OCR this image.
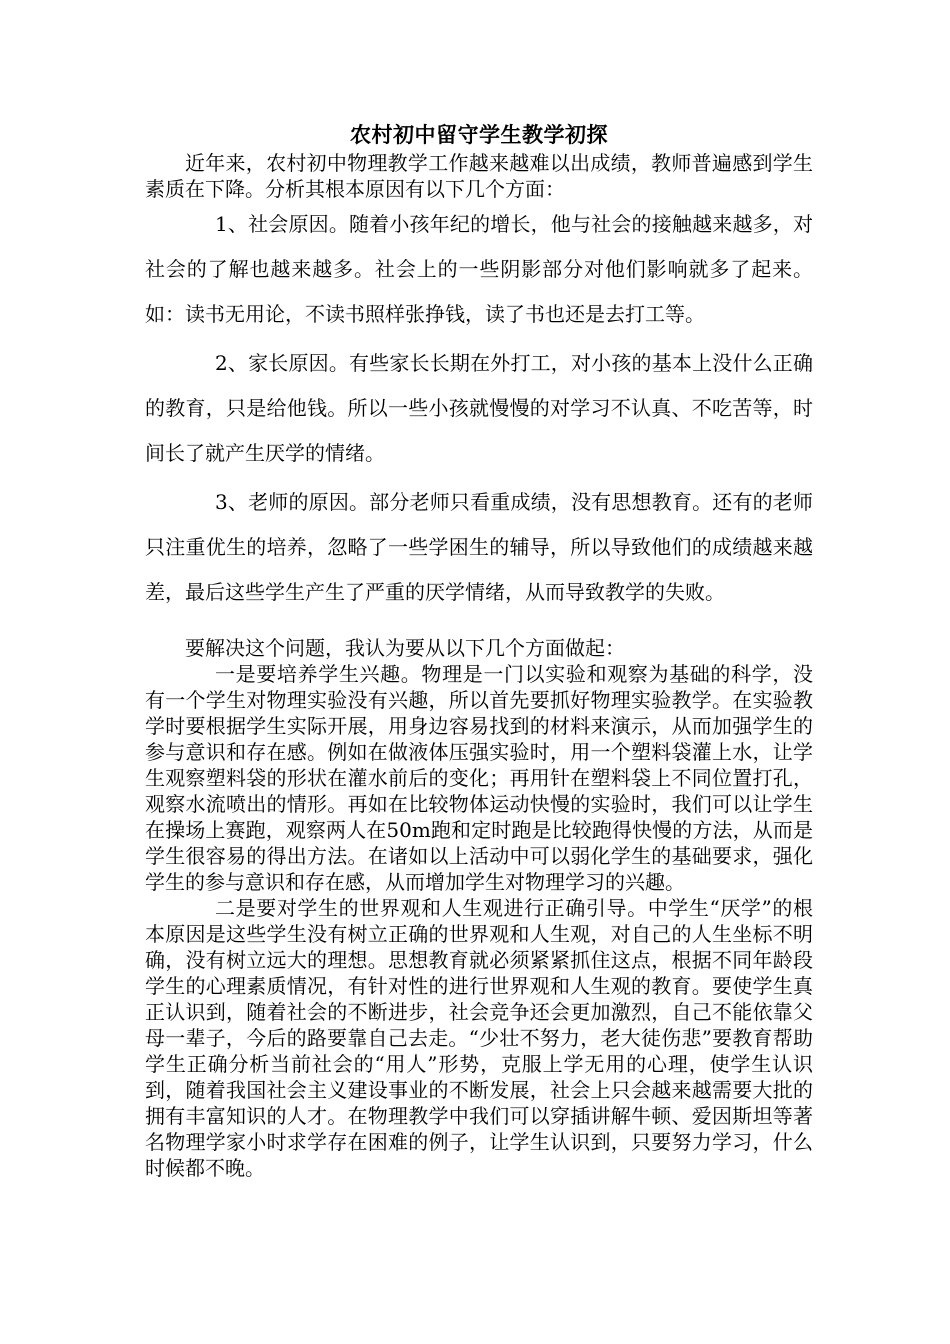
农村初中留守学生教学初探

近年来，农村初中物理教学工作越来越难以出成绩，教师普遍感到学生素质在下降。分析其根本原因有以下几个方面：

1、社会原因。随着小孩年纪的增长，他与社会的接触越来越多，对社会的了解也越来越多。社会上的一些阴影部分对他们影响就多了起来。如：读书无用论，不读书照样张挣钱，读了书也还是去打工等。

2、家长原因。有些家长长期在外打工，对小孩的基本上没什么正确的教育，只是给他钱。所以一些小孩就慢慢的对学习不认真、不吃苦等，时间长了就产生厌学的情绪。

3、老师的原因。部分老师只看重成绩，没有思想教育。还有的老师只注重优生的培养，忽略了一些学困生的辅导，所以导致他们的成绩越来越差，最后这些学生产生了严重的厌学情绪，从而导致教学的失败。

要解决这个问题，我认为要从以下几个方面做起：

一是要培养学生兴趣。物理是一门以实验和观察为基础的科学，没有一个学生对物理实验没有兴趣，所以首先要抓好物理实验教学。在实验教学时要根据学生实际开展，用身边容易找到的材料来演示，从而加强学生的参与意识和存在感。例如在做液体压强实验时，用一个塑料袋灌上水，让学生观察塑料袋的形状在灌水前后的变化；再用针在塑料袋上不同位置打孔，观察水流喷出的情形。再如在比较物体运动快慢的实验时，我们可以让学生在操场上赛跑，观察两人在50m跑和定时跑是比较跑得快慢的方法，从而是学生很容易的得出方法。在诸如以上活动中可以弱化学生的基础要求，强化学生的参与意识和存在感，从而增加学生对物理学习的兴趣。

二是要对学生的世界观和人生观进行正确引导。中学生“厌学”的根本原因是这些学生没有树立正确的世界观和人生观，对自己的人生坐标不明确，没有树立远大的理想。思想教育就必须紧紧抓住这点，根据不同年龄段学生的心理素质情况，有针对性的进行世界观和人生观的教育。要使学生真正认识到，随着社会的不断进步，社会竞争还会更加激烈，自己不能依靠父母一辈子，今后的路要靠自己去走。“少壮不努力，老大徒伤悲”要教育帮助学生正确分析当前社会的“用人”形势，克服上学无用的心理，使学生认识到，随着我国社会主义建设事业的不断发展，社会上只会越来越需要大批的拥有丰富知识的人才。在物理教学中我们可以穿插讲解牛顿、爱因斯坦等著名物理学家小时求学存在困难的例子，让学生认识到，只要努力学习，什么时候都不晚。
